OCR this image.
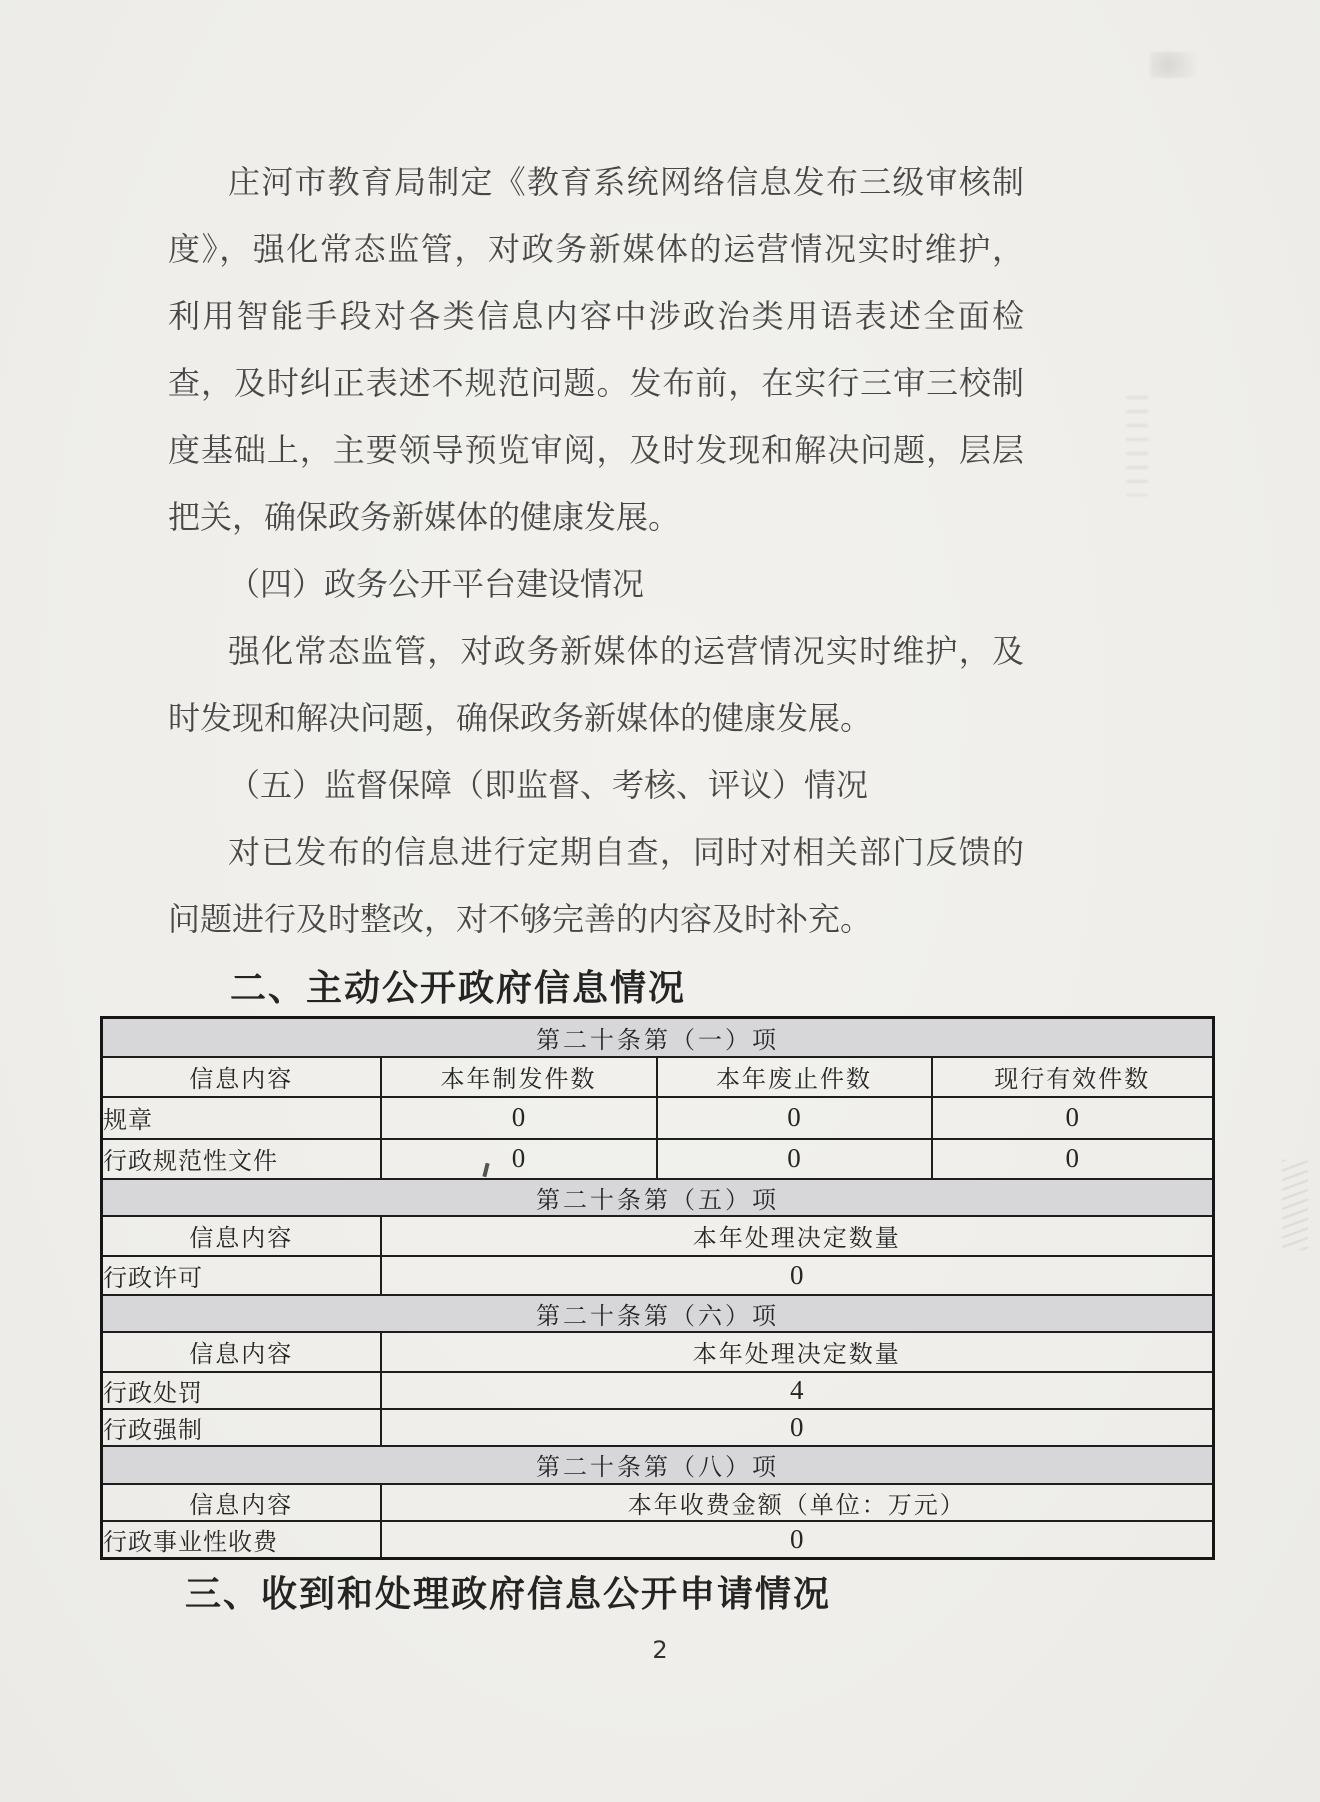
庄河市教育局制定《教育系统网络信息发布三级审核制
度》，强化常态监管，对政务新媒体的运营情况实时维护，
利用智能手段对各类信息内容中涉政治类用语表述全面检
查，及时纠正表述不规范问题。发布前，在实行三审三校制
度基础上，主要领导预览审阅，及时发现和解决问题，层层
把关，确保政务新媒体的健康发展。
（四）政务公开平台建设情况
强化常态监管，对政务新媒体的运营情况实时维护，及
时发现和解决问题，确保政务新媒体的健康发展。
（五）监督保障（即监督、考核、评议）情况
对已发布的信息进行定期自查，同时对相关部门反馈的
问题进行及时整改，对不够完善的内容及时补充。
二、主动公开政府信息情况
第二十条第（一）项			
信息内容	本年制发件数	本年废止件数	现行有效件数
规章	0	0	0
行政规范性文件	0	0	0
第二十条第（五）项			
信息内容	本年处理决定数量		
行政许可	0		
第二十条第（六）项			
信息内容	本年处理决定数量		
行政处罚	4		
行政强制	0		
第二十条第（八）项			
信息内容	本年收费金额（单位：万元）		
行政事业性收费	0		
三、收到和处理政府信息公开申请情况
2
